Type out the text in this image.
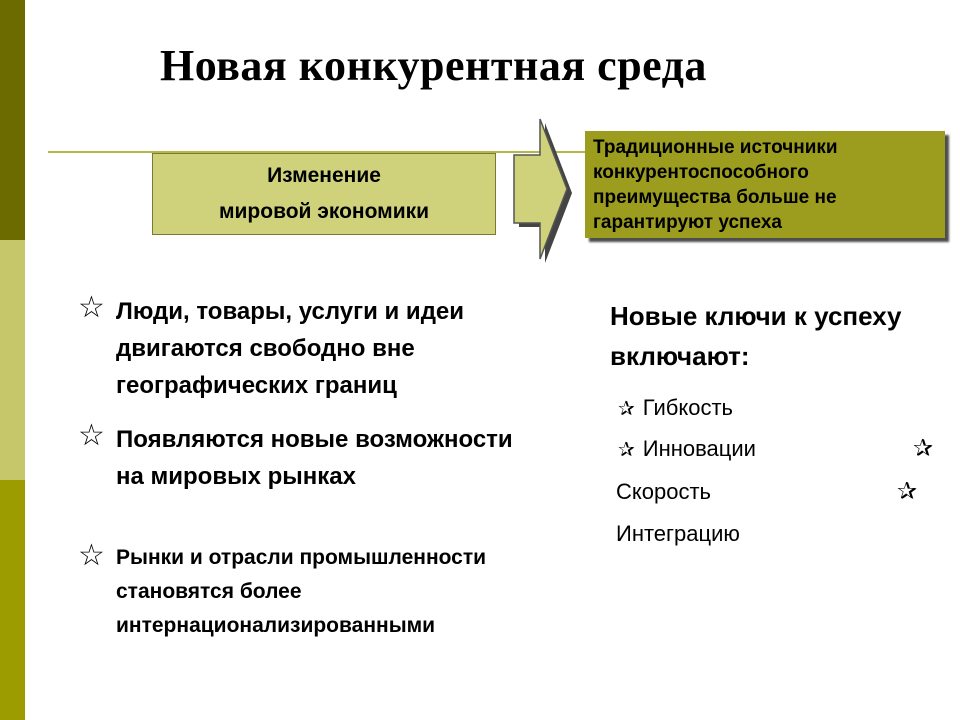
Новая конкурентная среда
Изменение
мировой экономики
Традиционные источники конкурентоспособного преимущества больше не гарантируют успеха
☆ Люди, товары, услуги и идеи двигаются свободно вне географических границ
☆ Появляются новые возможности на мировых рынках
☆ Рынки и отрасли промышленности становятся более интернационализированными
Новые ключи к успеху включают:
✰ Гибкость
✰ Инновации
Скорость
Интеграцию
✰
✰
